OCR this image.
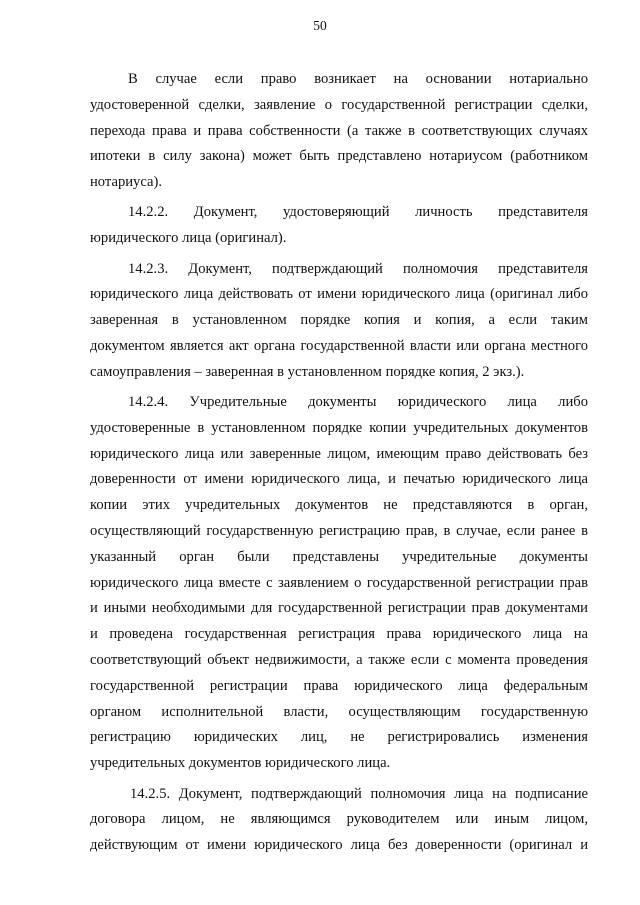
50
В случае если право возникает на основании нотариально
удостоверенной сделки, заявление о государственной регистрации сделки,
перехода права и права собственности (а также в соответствующих случаях
ипотеки в силу закона) может быть представлено нотариусом (работником
нотариуса).
14.2.2. Документ, удостоверяющий личность представителя
юридического лица (оригинал).
14.2.3. Документ, подтверждающий полномочия представителя
юридического лица действовать от имени юридического лица (оригинал либо
заверенная в установленном порядке копия и копия, а если таким
документом является акт органа государственной власти или органа местного
самоуправления – заверенная в установленном порядке копия, 2 экз.).
14.2.4. Учредительные документы юридического лица либо
удостоверенные в установленном порядке копии учредительных документов
юридического лица или заверенные лицом, имеющим право действовать без
доверенности от имени юридического лица, и печатью юридического лица
копии этих учредительных документов не представляются в орган,
осуществляющий государственную регистрацию прав, в случае, если ранее в
указанный орган были представлены учредительные документы
юридического лица вместе с заявлением о государственной регистрации прав
и иными необходимыми для государственной регистрации прав документами
и проведена государственная регистрация права юридического лица на
соответствующий объект недвижимости, а также если с момента проведения
государственной регистрации права юридического лица федеральным
органом исполнительной власти, осуществляющим государственную
регистрацию юридических лиц, не регистрировались изменения
учредительных документов юридического лица.
14.2.5. Документ, подтверждающий полномочия лица на подписание
договора лицом, не являющимся руководителем или иным лицом,
действующим от имени юридического лица без доверенности (оригинал и
